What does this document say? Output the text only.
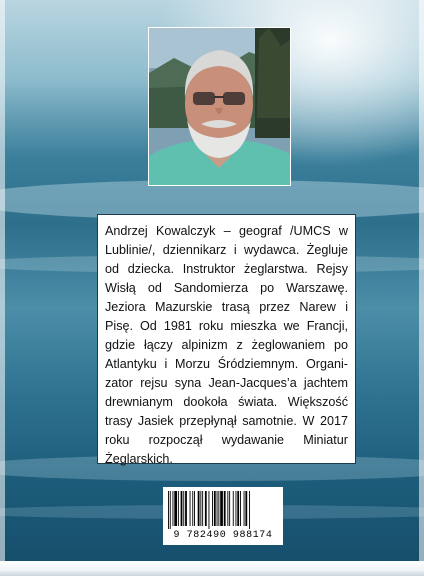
Andrzej Kowalczyk – geograf /UMCS w Lublinie/, dziennikarz i wydawca. Żegluje od dziecka. Instruktor żeglarstwa. Rejsy Wisłą od Sandomierza po Warszawę. Jeziora Mazurskie trasą przez Narew i Pisę. Od 1981 roku mieszka we Francji, gdzie łączy alpinizm z żeglowaniem po Atlantyku i Morzu Śródziemnym. Organizator rejsu syna Jean-Jacques’a jachtem drewnianym dookoła świata. Większość trasy Jasiek przepłynął samotnie. W 2017 roku rozpoczął wydawanie Miniatur Żeglarskich.

9 782490 988174
